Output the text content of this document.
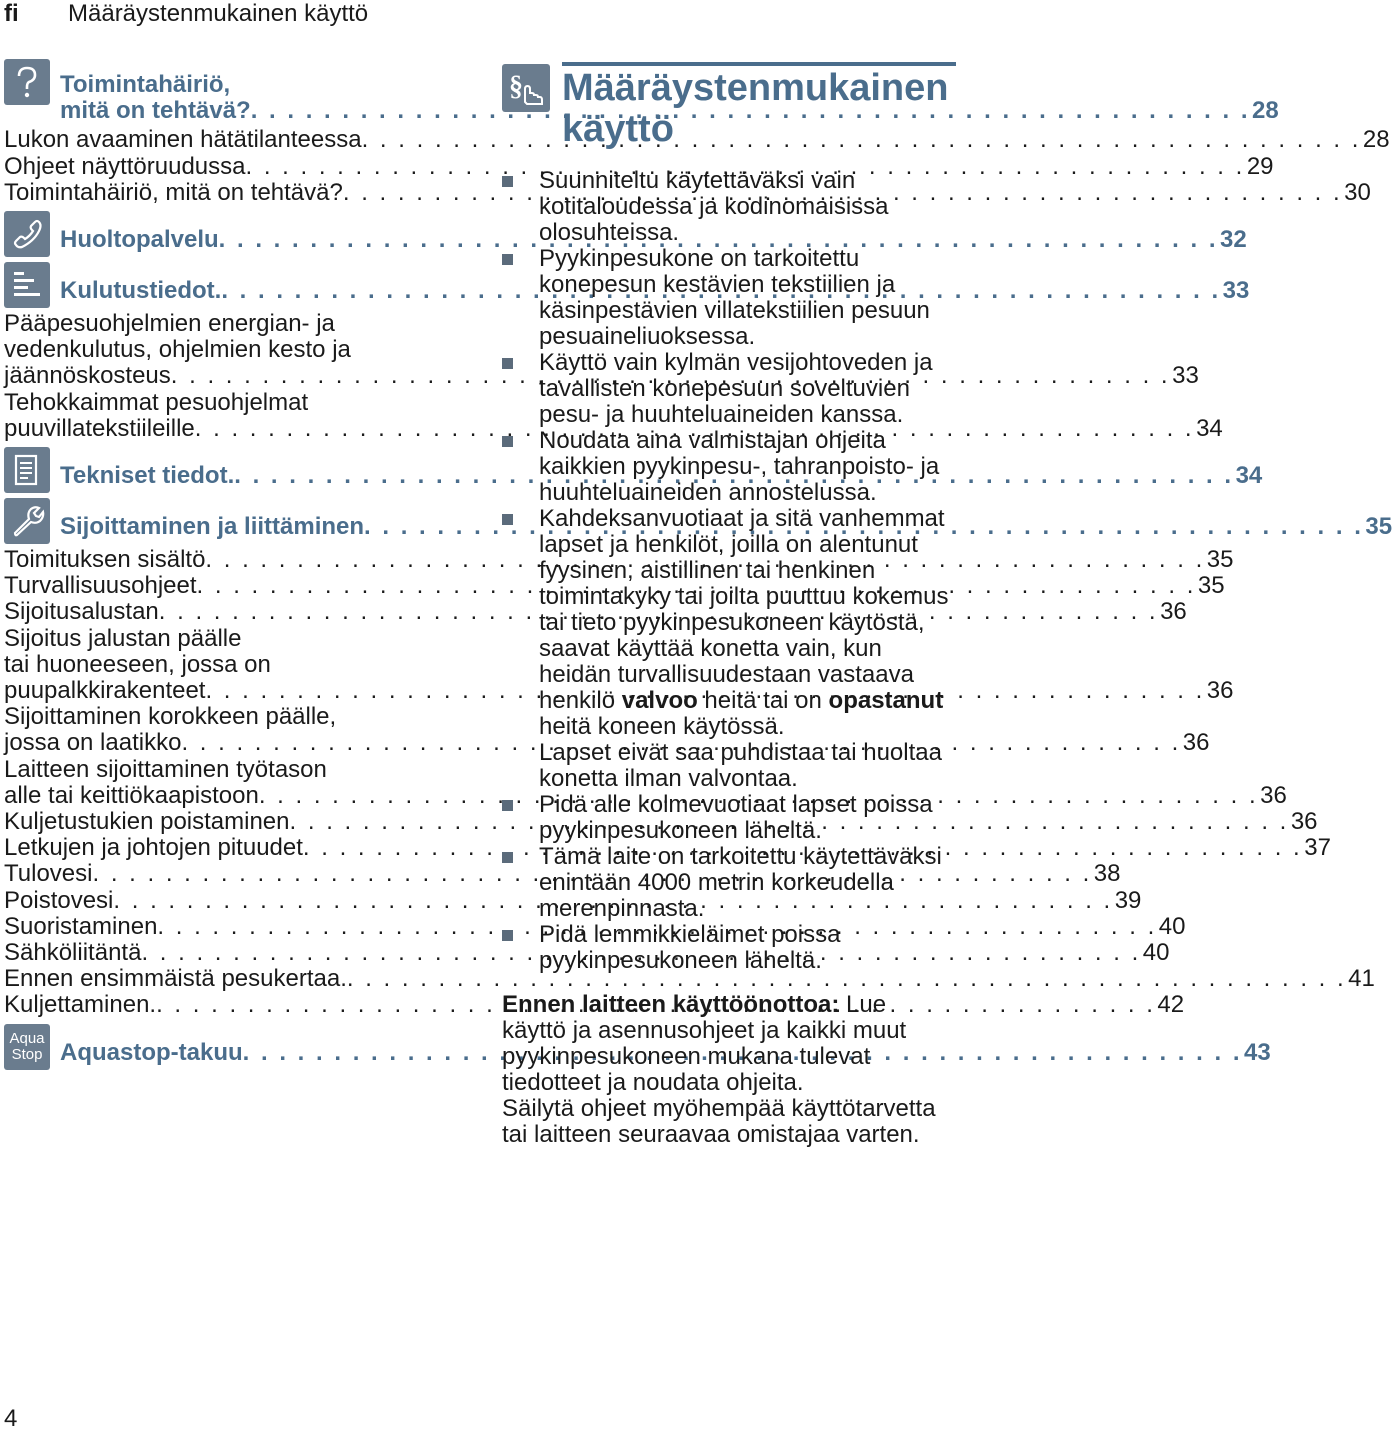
fi Määräystenmukainen käyttö
Toimintahäiriö,
mitä on tehtävä? . . .	28
Lukon avaaminen hätätilanteessa . . .	28
Ohjeet näyttöruudussa . . .	29
Toimintahäiriö, mitä on tehtävä? . . .	30
Huoltopalvelu . . .	32
Kulutustiedot. . . .	33
Pääpesuohjelmien energian- ja
vedenkulutus, ohjelmien kesto ja
jäännöskosteus . . .	33
Tehokkaimmat pesuohjelmat
puuvillatekstiileille . . .	34
Tekniset tiedot. . . .	34
Sijoittaminen ja liittäminen . . .	35
Toimituksen sisältö . . .	35
Turvallisuusohjeet . . .	35
Sijoitusalustan . . .	36
Sijoitus jalustan päälle
tai huoneeseen, jossa on
puupalkkirakenteet . . .	36
Sijoittaminen korokkeen päälle,
jossa on laatikko . . .	36
Laitteen sijoittaminen työtason
alle tai keittiökaapistoon . . .	36
Kuljetustukien poistaminen . . .	36
Letkujen ja johtojen pituudet . . .	37
Tulovesi . . .	38
Poistovesi . . .	39
Suoristaminen . . .	40
Sähköliitäntä . . .	40
Ennen ensimmäistä pesukertaa. . . .	41
Kuljettaminen. . . .	42
Aqua
Stop Aquastop-takuu . . .	43
§ Määräystenmukainen
käyttö
Suunniteltu käytettäväksi vain kotitaloudessa ja kodinomaisissa olosuhteissa.
Pyykinpesukone on tarkoitettu konepesun kestävien tekstiilien ja käsinpestävien villatekstiilien pesuun pesuaineliuoksessa.
Käyttö vain kylmän vesijohtoveden ja tavallisten konepesuun soveltuvien pesu- ja huuhteluaineiden kanssa.
Noudata aina valmistajan ohjeita kaikkien pyykinpesu-, tahranpoisto- ja huuhteluaineiden annostelussa.
Kahdeksanvuotiaat ja sitä vanhemmat lapset ja henkilöt, joilla on alentunut fyysinen, aistillinen tai henkinen toimintakyky tai joilta puuttuu kokemus tai tieto pyykinpesukoneen käytöstä, saavat käyttää konetta vain, kun heidän turvallisuudestaan vastaava henkilö valvoo heitä tai on opastanut heitä koneen käytössä.
Lapset eivät saa puhdistaa tai huoltaa konetta ilman valvontaa.
Pidä alle kolmevuotiaat lapset poissa pyykinpesukoneen läheltä.
Tämä laite on tarkoitettu käytettäväksi enintään 4000 metrin korkeudella merenpinnasta.
Pidä lemmikkieläimet poissa pyykinpesukoneen läheltä.
Ennen laitteen käyttöönottoa: Lue käyttö ja asennusohjeet ja kaikki muut pyykinpesukoneen mukana tulevat tiedotteet ja noudata ohjeita.
Säilytä ohjeet myöhempää käyttötarvetta tai laitteen seuraavaa omistajaa varten.
4
